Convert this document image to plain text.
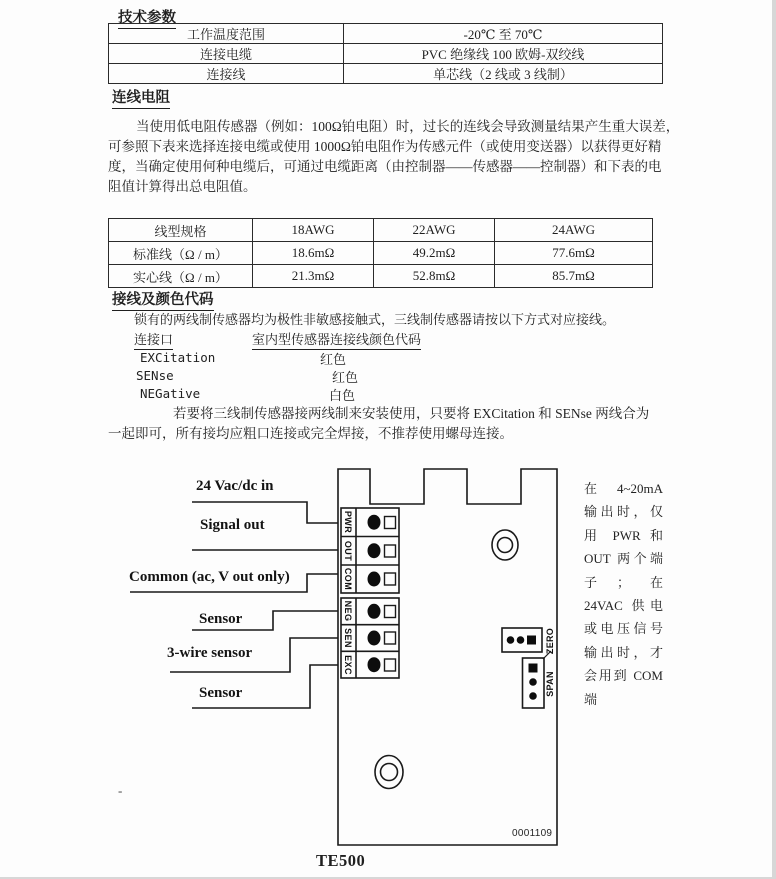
技术参数
工作温度范围	-20℃ 至 70℃
连接电缆	PVC 绝缘线 100 欧姆-双绞线
连接线	单芯线（2 线或 3 线制）
连线电阻
当使用低电阻传感器（例如：100Ω铂电阻）时，过长的连线会导致测量结果产生重大误差，
可参照下表来选择连接电缆或使用 1000Ω铂电阻作为传感元件（或使用变送器）以获得更好精
度，当确定使用何种电缆后，可通过电缆距离（由控制器——传感器——控制器）和下表的电
阻值计算得出总电阻值。
线型规格	18AWG	22AWG	24AWG
标准线（Ω / m）	18.6mΩ	49.2mΩ	77.6mΩ
实心线（Ω / m）	21.3mΩ	52.8mΩ	85.7mΩ
接线及颜色代码
锁有的两线制传感器均为极性非敏感接触式，三线制传感器请按以下方式对应接线。
连接口	室内型传感器连接线颜色代码
EXCitation	红色
SENse	红色
NEGative	白色
若要将三线制传感器接两线制来安装使用，只要将 EXCitation 和 SENse 两线合为
一起即可，所有接均应粗口连接或完全焊接，不推荐使用螺母连接。
24 Vac/dc in
Signal out
Common (ac, V out only)
Sensor
3-wire sensor
Sensor
PWR
OUT
COM
NEG
SEN
EXC
ZERO
SPAN
0001109
TE500
-
在 4~20mA
输出时，仅
用 PWR 和
OUT 两个端
子；在
24VAC 供电
或电压信号
输出时，才
会用到 COM
端
